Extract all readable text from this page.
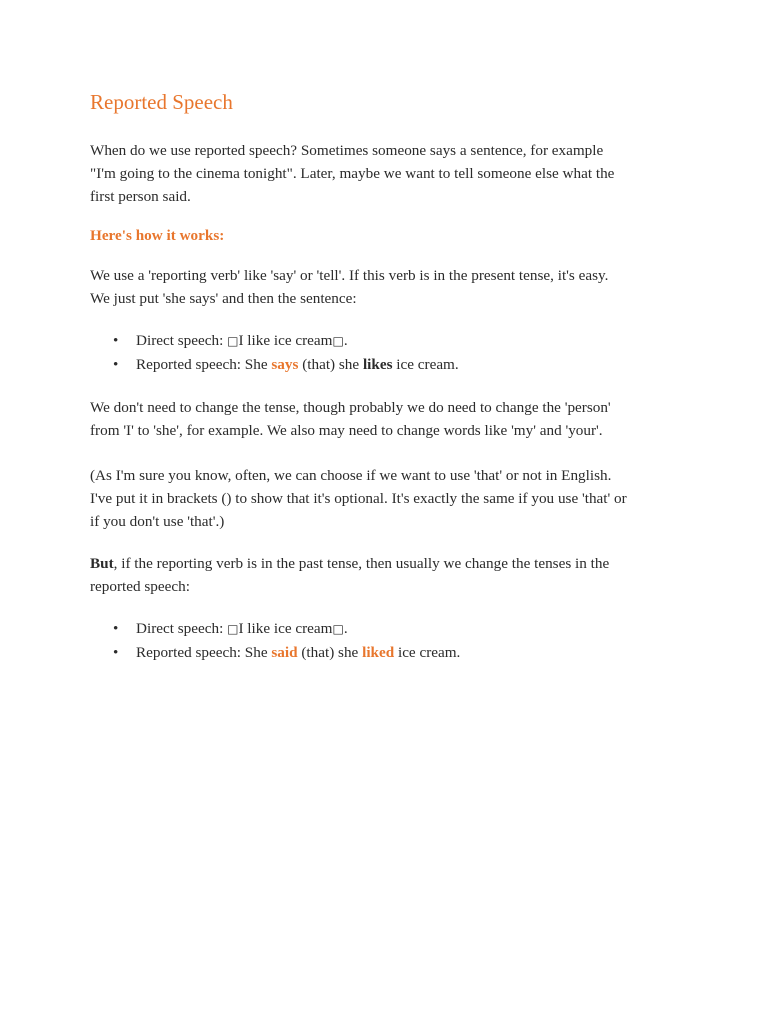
Reported Speech

When do we use reported speech? Sometimes someone says a sentence, for example
"I'm going to the cinema tonight". Later, maybe we want to tell someone else what the
first person said.

Here's how it works:

We use a 'reporting verb' like 'say' or 'tell'. If this verb is in the present tense, it's easy.
We just put 'she says' and then the sentence:

• Direct speech: □I like ice cream□.
• Reported speech: She says (that) she likes ice cream.

We don't need to change the tense, though probably we do need to change the 'person'
from 'I' to 'she', for example. We also may need to change words like 'my' and 'your'.

(As I'm sure you know, often, we can choose if we want to use 'that' or not in English.
I've put it in brackets () to show that it's optional. It's exactly the same if you use 'that' or
if you don't use 'that'.)

But, if the reporting verb is in the past tense, then usually we change the tenses in the
reported speech:

• Direct speech: □I like ice cream□.
• Reported speech: She said (that) she liked ice cream.
